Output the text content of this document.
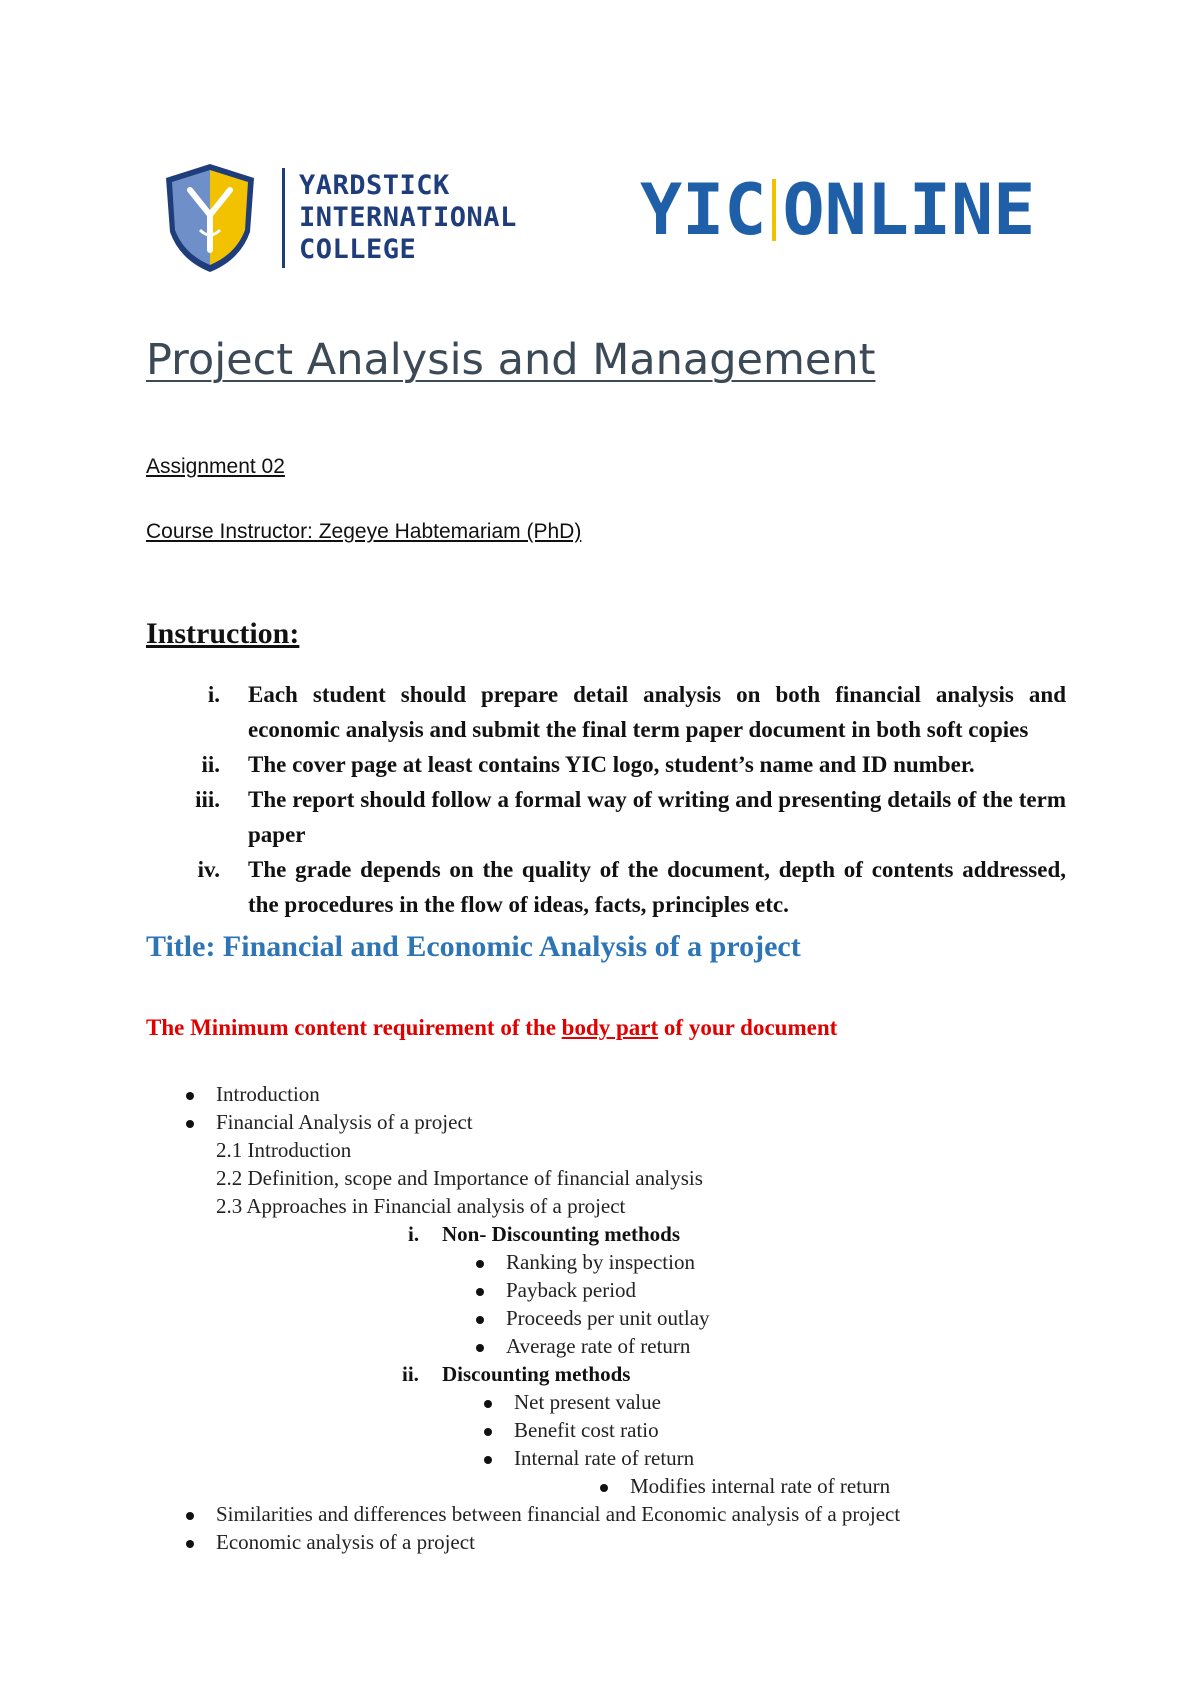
YARDSTICK
INTERNATIONAL
COLLEGE	YIC ONLINE
Project Analysis and Management
Assignment 02
Course Instructor: Zegeye Habtemariam (PhD)
Instruction:
i.	Each student should prepare detail analysis on both financial analysis and economic analysis and submit the final term paper document in both soft copies
ii.	The cover page at least contains YIC logo, student’s name and ID number.
iii.	The report should follow a formal way of writing and presenting details of the term paper
iv.	The grade depends on the quality of the document, depth of contents addressed, the procedures in the flow of ideas, facts, principles etc.
Title: Financial and Economic Analysis of a project
The Minimum content requirement of the body part of your document
Introduction
Financial Analysis of a project
2.1 Introduction
2.2 Definition, scope and Importance of financial analysis
2.3 Approaches in Financial analysis of a project
i. Non- Discounting methods
Ranking by inspection
Payback period
Proceeds per unit outlay
Average rate of return
ii. Discounting methods
Net present value
Benefit cost ratio
Internal rate of return
Modifies internal rate of return
Similarities and differences between financial and Economic analysis of a project
Economic analysis of a project
